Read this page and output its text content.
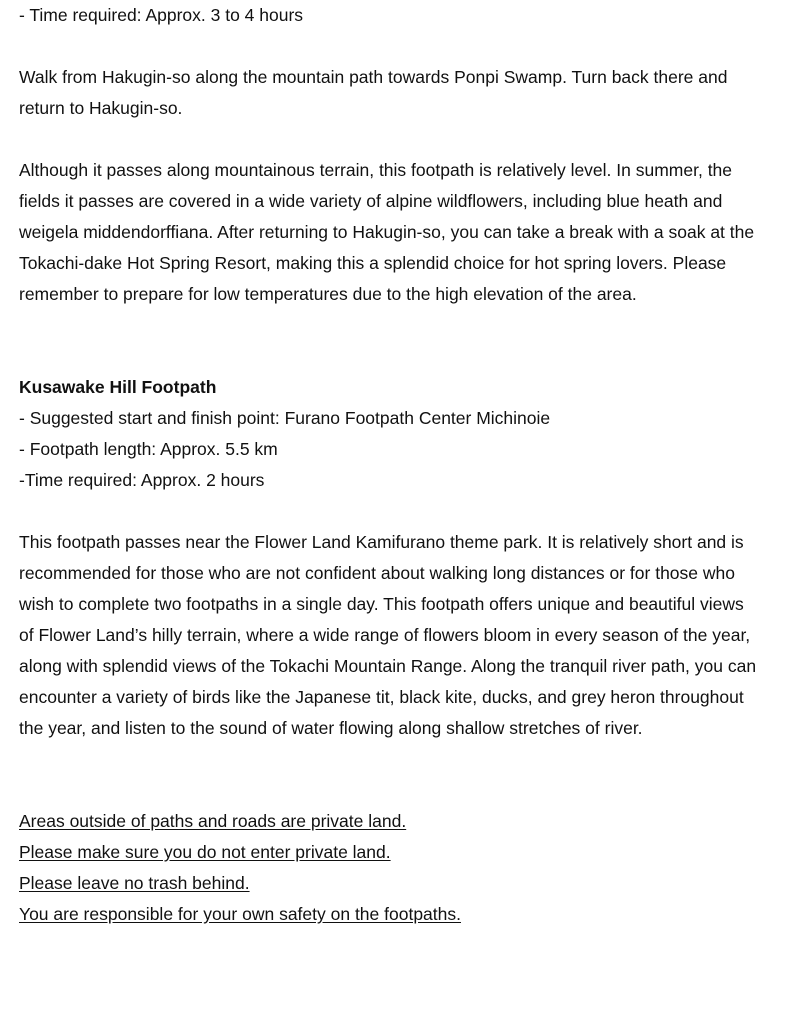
- Time required: Approx. 3 to 4 hours

Walk from Hakugin-so along the mountain path towards Ponpi Swamp. Turn back there and return to Hakugin-so.

Although it passes along mountainous terrain, this footpath is relatively level. In summer, the fields it passes are covered in a wide variety of alpine wildflowers, including blue heath and weigela middendorffiana. After returning to Hakugin-so, you can take a break with a soak at the Tokachi-dake Hot Spring Resort, making this a splendid choice for hot spring lovers. Please remember to prepare for low temperatures due to the high elevation of the area.

Kusawake Hill Footpath

- Suggested start and finish point: Furano Footpath Center Michinoie

- Footpath length: Approx. 5.5 km

-Time required: Approx. 2 hours

This footpath passes near the Flower Land Kamifurano theme park. It is relatively short and is recommended for those who are not confident about walking long distances or for those who wish to complete two footpaths in a single day. This footpath offers unique and beautiful views of Flower Land’s hilly terrain, where a wide range of flowers bloom in every season of the year, along with splendid views of the Tokachi Mountain Range. Along the tranquil river path, you can encounter a variety of birds like the Japanese tit, black kite, ducks, and grey heron throughout the year, and listen to the sound of water flowing along shallow stretches of river.

Areas outside of paths and roads are private land.

Please make sure you do not enter private land.

Please leave no trash behind.

You are responsible for your own safety on the footpaths.
